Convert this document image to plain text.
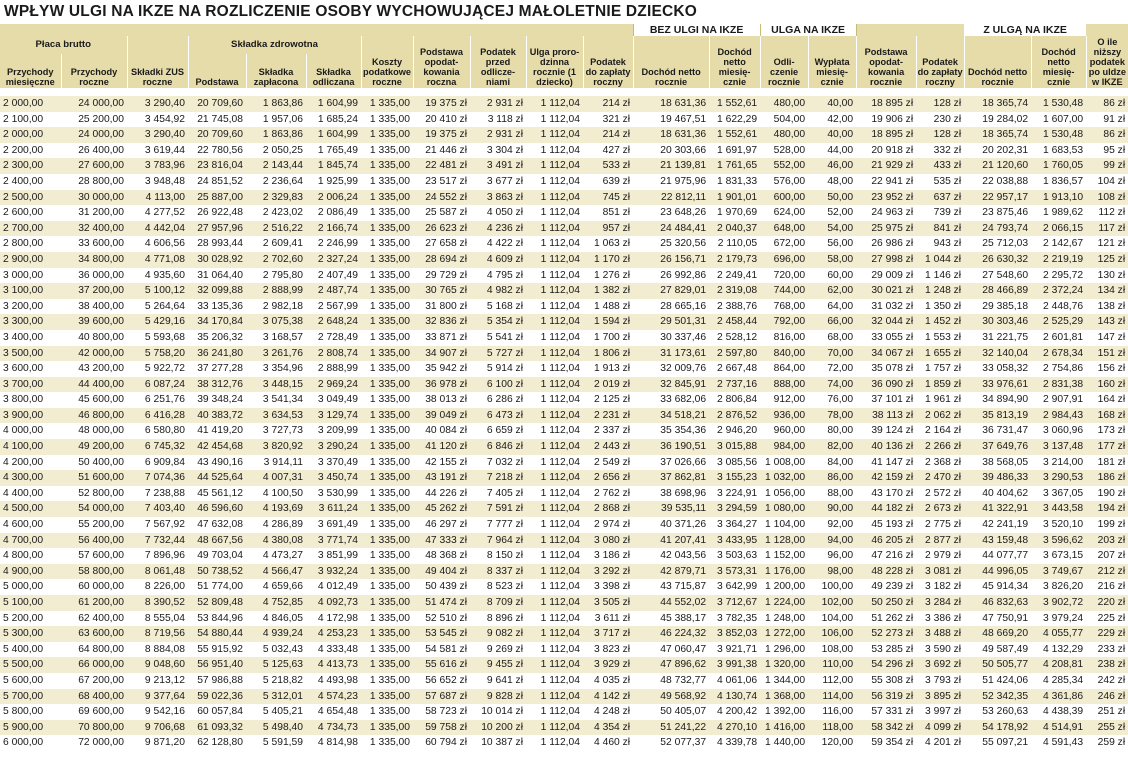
WPŁYW ULGI NA IKZE NA ROZLICZENIE OSOBY WYCHOWUJĄCEJ MAŁOLETNIE DZIECKO
											BEZ ULGI NA IKZE		ULGA NA IKZE				Z ULGĄ NA IKZE		
Płaca brutto		Składki ZUS roczne	Składka zdrowotna			Koszty podatkowe roczne	Podstawa opodat-kowania roczna	Podatek przed odlicze-niami	Ulga proro-dzinna rocznie (1 dziecko)	Podatek do zapłaty roczny	Dochód netto rocznie	Dochód netto miesię-cznie	Odli-czenie rocznie	Wypłata miesię-cznie	Podstawa opodat-kowania rocznie	Podatek do zapłaty roczny	Dochód netto rocznie	Dochód netto miesię-cznie	O ile niższy podatek po uldze w IKZE
Przychody miesięczne	Przychody roczne		Podstawa	Składka zapłacona	Składka odliczana														

2 000,00	24 000,00	3 290,40	20 709,60	1 863,86	1 604,99	1 335,00	19 375 zł	2 931 zł	1 112,04	214 zł	18 631,36	1 552,61	480,00	40,00	18 895 zł	128 zł	18 365,74	1 530,48	86 zł
2 100,00	25 200,00	3 454,92	21 745,08	1 957,06	1 685,24	1 335,00	20 410 zł	3 118 zł	1 112,04	321 zł	19 467,51	1 622,29	504,00	42,00	19 906 zł	230 zł	19 284,02	1 607,00	91 zł
2 000,00	24 000,00	3 290,40	20 709,60	1 863,86	1 604,99	1 335,00	19 375 zł	2 931 zł	1 112,04	214 zł	18 631,36	1 552,61	480,00	40,00	18 895 zł	128 zł	18 365,74	1 530,48	86 zł
2 200,00	26 400,00	3 619,44	22 780,56	2 050,25	1 765,49	1 335,00	21 446 zł	3 304 zł	1 112,04	427 zł	20 303,66	1 691,97	528,00	44,00	20 918 zł	332 zł	20 202,31	1 683,53	95 zł
2 300,00	27 600,00	3 783,96	23 816,04	2 143,44	1 845,74	1 335,00	22 481 zł	3 491 zł	1 112,04	533 zł	21 139,81	1 761,65	552,00	46,00	21 929 zł	433 zł	21 120,60	1 760,05	99 zł
2 400,00	28 800,00	3 948,48	24 851,52	2 236,64	1 925,99	1 335,00	23 517 zł	3 677 zł	1 112,04	639 zł	21 975,96	1 831,33	576,00	48,00	22 941 zł	535 zł	22 038,88	1 836,57	104 zł
2 500,00	30 000,00	4 113,00	25 887,00	2 329,83	2 006,24	1 335,00	24 552 zł	3 863 zł	1 112,04	745 zł	22 812,11	1 901,01	600,00	50,00	23 952 zł	637 zł	22 957,17	1 913,10	108 zł
2 600,00	31 200,00	4 277,52	26 922,48	2 423,02	2 086,49	1 335,00	25 587 zł	4 050 zł	1 112,04	851 zł	23 648,26	1 970,69	624,00	52,00	24 963 zł	739 zł	23 875,46	1 989,62	112 zł
2 700,00	32 400,00	4 442,04	27 957,96	2 516,22	2 166,74	1 335,00	26 623 zł	4 236 zł	1 112,04	957 zł	24 484,41	2 040,37	648,00	54,00	25 975 zł	841 zł	24 793,74	2 066,15	117 zł
2 800,00	33 600,00	4 606,56	28 993,44	2 609,41	2 246,99	1 335,00	27 658 zł	4 422 zł	1 112,04	1 063 zł	25 320,56	2 110,05	672,00	56,00	26 986 zł	943 zł	25 712,03	2 142,67	121 zł
2 900,00	34 800,00	4 771,08	30 028,92	2 702,60	2 327,24	1 335,00	28 694 zł	4 609 zł	1 112,04	1 170 zł	26 156,71	2 179,73	696,00	58,00	27 998 zł	1 044 zł	26 630,32	2 219,19	125 zł
3 000,00	36 000,00	4 935,60	31 064,40	2 795,80	2 407,49	1 335,00	29 729 zł	4 795 zł	1 112,04	1 276 zł	26 992,86	2 249,41	720,00	60,00	29 009 zł	1 146 zł	27 548,60	2 295,72	130 zł
3 100,00	37 200,00	5 100,12	32 099,88	2 888,99	2 487,74	1 335,00	30 765 zł	4 982 zł	1 112,04	1 382 zł	27 829,01	2 319,08	744,00	62,00	30 021 zł	1 248 zł	28 466,89	2 372,24	134 zł
3 200,00	38 400,00	5 264,64	33 135,36	2 982,18	2 567,99	1 335,00	31 800 zł	5 168 zł	1 112,04	1 488 zł	28 665,16	2 388,76	768,00	64,00	31 032 zł	1 350 zł	29 385,18	2 448,76	138 zł
3 300,00	39 600,00	5 429,16	34 170,84	3 075,38	2 648,24	1 335,00	32 836 zł	5 354 zł	1 112,04	1 594 zł	29 501,31	2 458,44	792,00	66,00	32 044 zł	1 452 zł	30 303,46	2 525,29	143 zł
3 400,00	40 800,00	5 593,68	35 206,32	3 168,57	2 728,49	1 335,00	33 871 zł	5 541 zł	1 112,04	1 700 zł	30 337,46	2 528,12	816,00	68,00	33 055 zł	1 553 zł	31 221,75	2 601,81	147 zł
3 500,00	42 000,00	5 758,20	36 241,80	3 261,76	2 808,74	1 335,00	34 907 zł	5 727 zł	1 112,04	1 806 zł	31 173,61	2 597,80	840,00	70,00	34 067 zł	1 655 zł	32 140,04	2 678,34	151 zł
3 600,00	43 200,00	5 922,72	37 277,28	3 354,96	2 888,99	1 335,00	35 942 zł	5 914 zł	1 112,04	1 913 zł	32 009,76	2 667,48	864,00	72,00	35 078 zł	1 757 zł	33 058,32	2 754,86	156 zł
3 700,00	44 400,00	6 087,24	38 312,76	3 448,15	2 969,24	1 335,00	36 978 zł	6 100 zł	1 112,04	2 019 zł	32 845,91	2 737,16	888,00	74,00	36 090 zł	1 859 zł	33 976,61	2 831,38	160 zł
3 800,00	45 600,00	6 251,76	39 348,24	3 541,34	3 049,49	1 335,00	38 013 zł	6 286 zł	1 112,04	2 125 zł	33 682,06	2 806,84	912,00	76,00	37 101 zł	1 961 zł	34 894,90	2 907,91	164 zł
3 900,00	46 800,00	6 416,28	40 383,72	3 634,53	3 129,74	1 335,00	39 049 zł	6 473 zł	1 112,04	2 231 zł	34 518,21	2 876,52	936,00	78,00	38 113 zł	2 062 zł	35 813,19	2 984,43	168 zł
4 000,00	48 000,00	6 580,80	41 419,20	3 727,73	3 209,99	1 335,00	40 084 zł	6 659 zł	1 112,04	2 337 zł	35 354,36	2 946,20	960,00	80,00	39 124 zł	2 164 zł	36 731,47	3 060,96	173 zł
4 100,00	49 200,00	6 745,32	42 454,68	3 820,92	3 290,24	1 335,00	41 120 zł	6 846 zł	1 112,04	2 443 zł	36 190,51	3 015,88	984,00	82,00	40 136 zł	2 266 zł	37 649,76	3 137,48	177 zł
4 200,00	50 400,00	6 909,84	43 490,16	3 914,11	3 370,49	1 335,00	42 155 zł	7 032 zł	1 112,04	2 549 zł	37 026,66	3 085,56	1 008,00	84,00	41 147 zł	2 368 zł	38 568,05	3 214,00	181 zł
4 300,00	51 600,00	7 074,36	44 525,64	4 007,31	3 450,74	1 335,00	43 191 zł	7 218 zł	1 112,04	2 656 zł	37 862,81	3 155,23	1 032,00	86,00	42 159 zł	2 470 zł	39 486,33	3 290,53	186 zł
4 400,00	52 800,00	7 238,88	45 561,12	4 100,50	3 530,99	1 335,00	44 226 zł	7 405 zł	1 112,04	2 762 zł	38 698,96	3 224,91	1 056,00	88,00	43 170 zł	2 572 zł	40 404,62	3 367,05	190 zł
4 500,00	54 000,00	7 403,40	46 596,60	4 193,69	3 611,24	1 335,00	45 262 zł	7 591 zł	1 112,04	2 868 zł	39 535,11	3 294,59	1 080,00	90,00	44 182 zł	2 673 zł	41 322,91	3 443,58	194 zł
4 600,00	55 200,00	7 567,92	47 632,08	4 286,89	3 691,49	1 335,00	46 297 zł	7 777 zł	1 112,04	2 974 zł	40 371,26	3 364,27	1 104,00	92,00	45 193 zł	2 775 zł	42 241,19	3 520,10	199 zł
4 700,00	56 400,00	7 732,44	48 667,56	4 380,08	3 771,74	1 335,00	47 333 zł	7 964 zł	1 112,04	3 080 zł	41 207,41	3 433,95	1 128,00	94,00	46 205 zł	2 877 zł	43 159,48	3 596,62	203 zł
4 800,00	57 600,00	7 896,96	49 703,04	4 473,27	3 851,99	1 335,00	48 368 zł	8 150 zł	1 112,04	3 186 zł	42 043,56	3 503,63	1 152,00	96,00	47 216 zł	2 979 zł	44 077,77	3 673,15	207 zł
4 900,00	58 800,00	8 061,48	50 738,52	4 566,47	3 932,24	1 335,00	49 404 zł	8 337 zł	1 112,04	3 292 zł	42 879,71	3 573,31	1 176,00	98,00	48 228 zł	3 081 zł	44 996,05	3 749,67	212 zł
5 000,00	60 000,00	8 226,00	51 774,00	4 659,66	4 012,49	1 335,00	50 439 zł	8 523 zł	1 112,04	3 398 zł	43 715,87	3 642,99	1 200,00	100,00	49 239 zł	3 182 zł	45 914,34	3 826,20	216 zł
5 100,00	61 200,00	8 390,52	52 809,48	4 752,85	4 092,73	1 335,00	51 474 zł	8 709 zł	1 112,04	3 505 zł	44 552,02	3 712,67	1 224,00	102,00	50 250 zł	3 284 zł	46 832,63	3 902,72	220 zł
5 200,00	62 400,00	8 555,04	53 844,96	4 846,05	4 172,98	1 335,00	52 510 zł	8 896 zł	1 112,04	3 611 zł	45 388,17	3 782,35	1 248,00	104,00	51 262 zł	3 386 zł	47 750,91	3 979,24	225 zł
5 300,00	63 600,00	8 719,56	54 880,44	4 939,24	4 253,23	1 335,00	53 545 zł	9 082 zł	1 112,04	3 717 zł	46 224,32	3 852,03	1 272,00	106,00	52 273 zł	3 488 zł	48 669,20	4 055,77	229 zł
5 400,00	64 800,00	8 884,08	55 915,92	5 032,43	4 333,48	1 335,00	54 581 zł	9 269 zł	1 112,04	3 823 zł	47 060,47	3 921,71	1 296,00	108,00	53 285 zł	3 590 zł	49 587,49	4 132,29	233 zł
5 500,00	66 000,00	9 048,60	56 951,40	5 125,63	4 413,73	1 335,00	55 616 zł	9 455 zł	1 112,04	3 929 zł	47 896,62	3 991,38	1 320,00	110,00	54 296 zł	3 692 zł	50 505,77	4 208,81	238 zł
5 600,00	67 200,00	9 213,12	57 986,88	5 218,82	4 493,98	1 335,00	56 652 zł	9 641 zł	1 112,04	4 035 zł	48 732,77	4 061,06	1 344,00	112,00	55 308 zł	3 793 zł	51 424,06	4 285,34	242 zł
5 700,00	68 400,00	9 377,64	59 022,36	5 312,01	4 574,23	1 335,00	57 687 zł	9 828 zł	1 112,04	4 142 zł	49 568,92	4 130,74	1 368,00	114,00	56 319 zł	3 895 zł	52 342,35	4 361,86	246 zł
5 800,00	69 600,00	9 542,16	60 057,84	5 405,21	4 654,48	1 335,00	58 723 zł	10 014 zł	1 112,04	4 248 zł	50 405,07	4 200,42	1 392,00	116,00	57 331 zł	3 997 zł	53 260,63	4 438,39	251 zł
5 900,00	70 800,00	9 706,68	61 093,32	5 498,40	4 734,73	1 335,00	59 758 zł	10 200 zł	1 112,04	4 354 zł	51 241,22	4 270,10	1 416,00	118,00	58 342 zł	4 099 zł	54 178,92	4 514,91	255 zł
6 000,00	72 000,00	9 871,20	62 128,80	5 591,59	4 814,98	1 335,00	60 794 zł	10 387 zł	1 112,04	4 460 zł	52 077,37	4 339,78	1 440,00	120,00	59 354 zł	4 201 zł	55 097,21	4 591,43	259 zł
